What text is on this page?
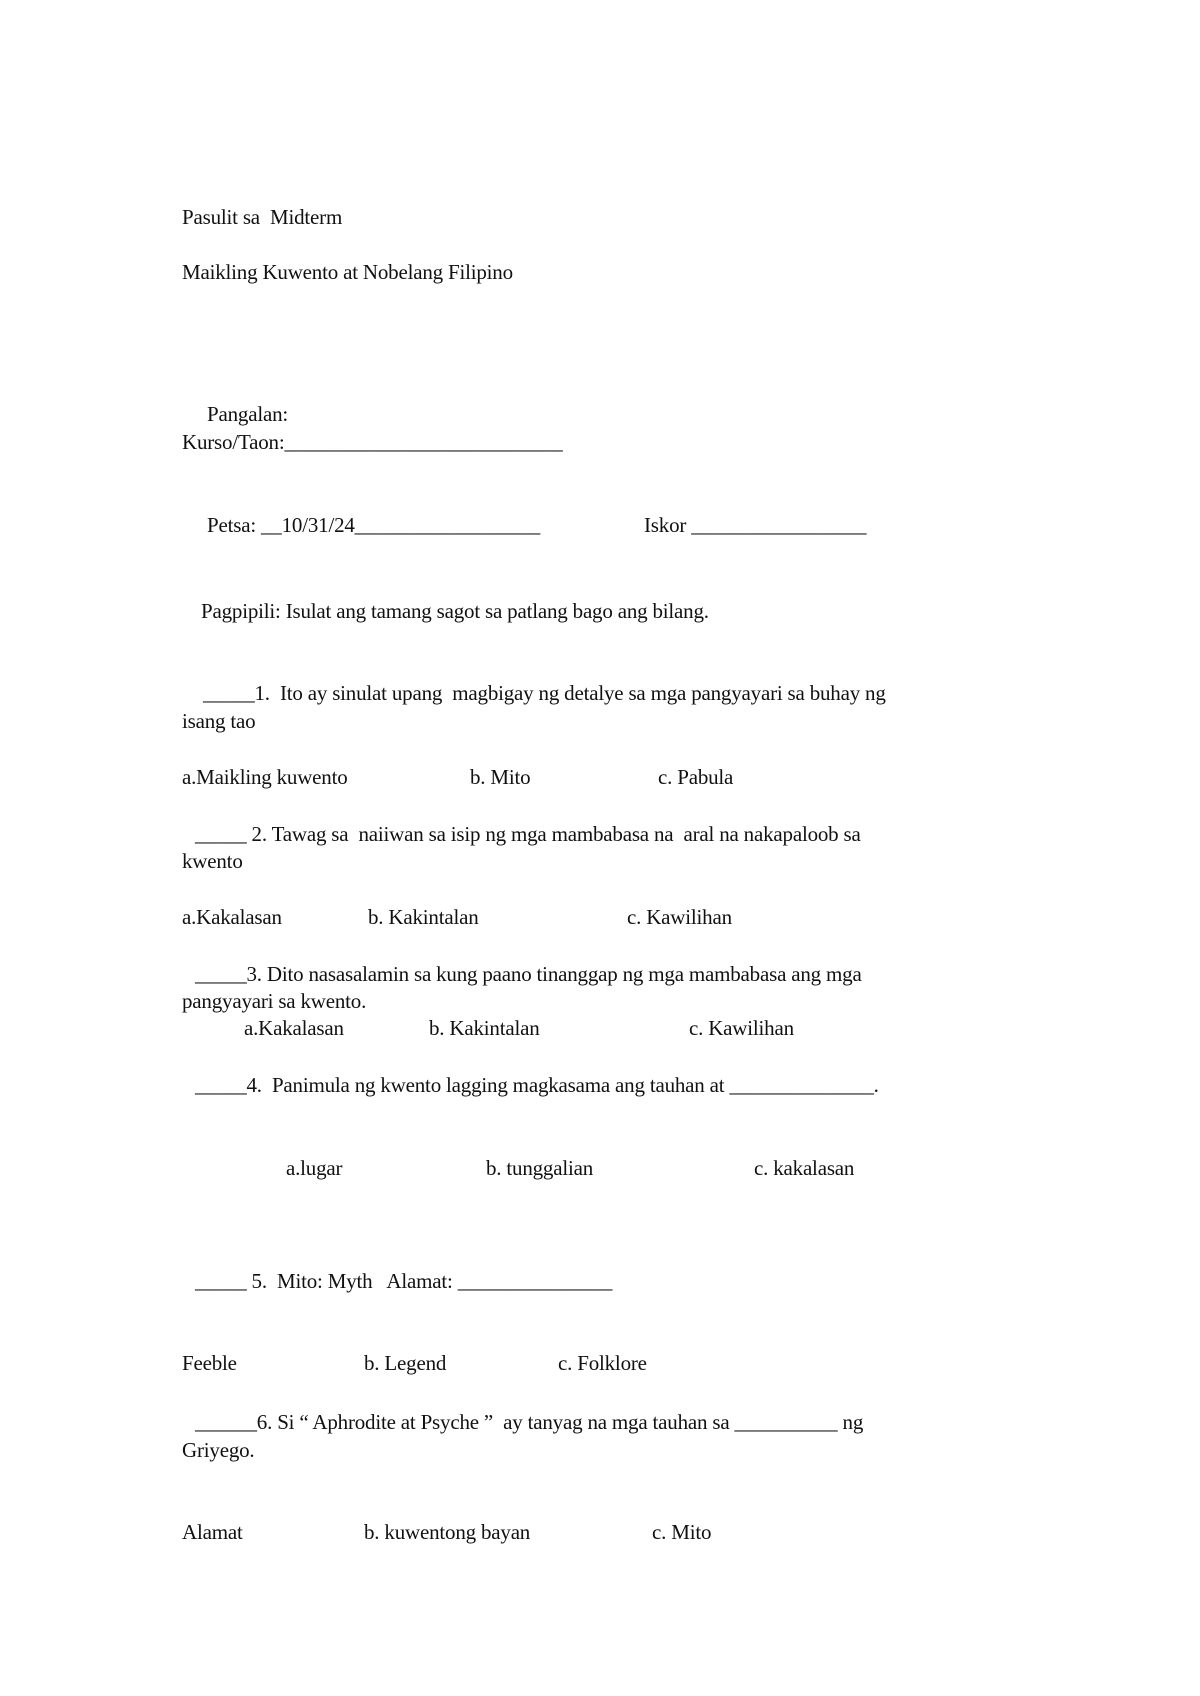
Pasulit sa  Midterm
Maikling Kuwento at Nobelang Filipino
Pangalan:
Kurso/Taon:___________________________
Petsa: __10/31/24__________________	Iskor _________________
Pagpipili: Isulat ang tamang sagot sa patlang bago ang bilang.
_____1.  Ito ay sinulat upang  magbigay ng detalye sa mga pangyayari sa buhay ng
isang tao
a.Maikling kuwento	b. Mito	c. Pabula
_____ 2. Tawag sa  naiiwan sa isip ng mga mambabasa na  aral na nakapaloob sa
kwento
a.Kakalasan	b. Kakintalan	c. Kawilihan
_____3. Dito nasasalamin sa kung paano tinanggap ng mga mambabasa ang mga
pangyayari sa kwento.
a.Kakalasan	b. Kakintalan	c. Kawilihan
_____4.  Panimula ng kwento lagging magkasama ang tauhan at ______________.
a.lugar	b. tunggalian	c. kakalasan
_____ 5.  Mito: Myth   Alamat: _______________
Feeble	b. Legend	c. Folklore
______6. Si “ Aphrodite at Psyche ”  ay tanyag na mga tauhan sa __________ ng
Griyego.
Alamat	b. kuwentong bayan	c. Mito
